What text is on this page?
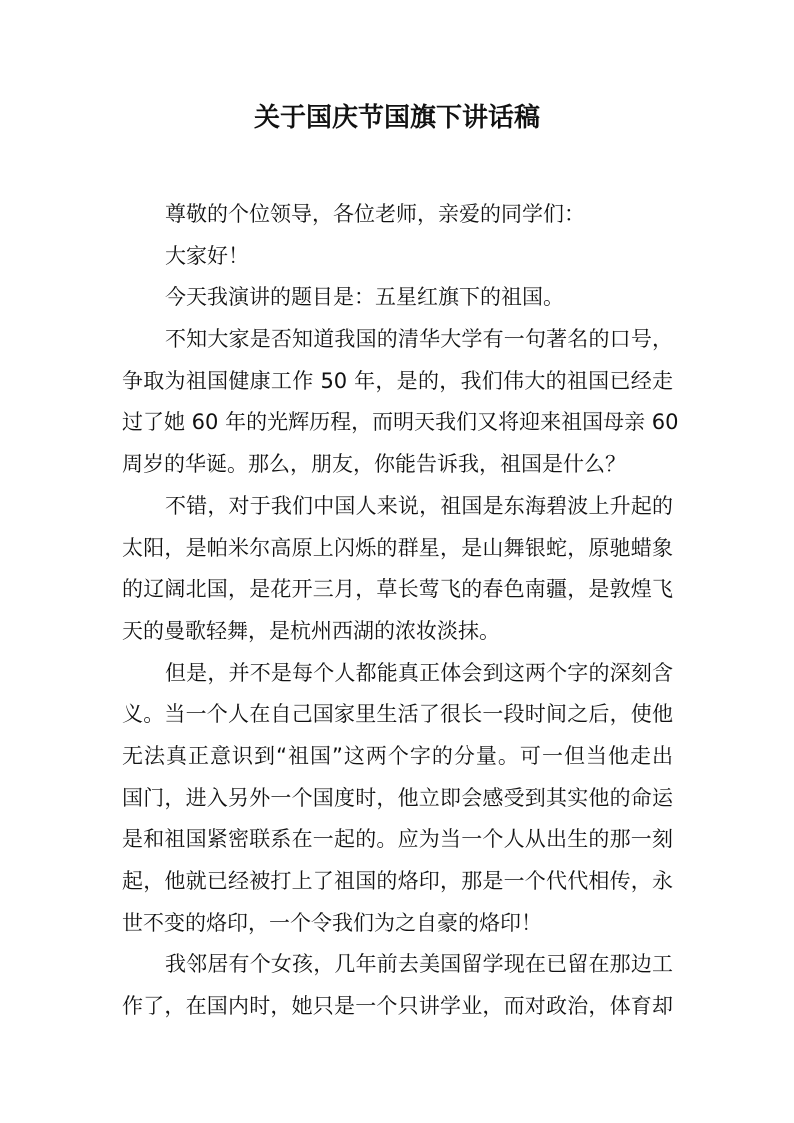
关于国庆节国旗下讲话稿
尊敬的个位领导，各位老师，亲爱的同学们：
大家好！
今天我演讲的题目是：五星红旗下的祖国。
不知大家是否知道我国的清华大学有一句著名的口号，
争取为祖国健康工作 50 年，是的，我们伟大的祖国已经走
过了她 60 年的光辉历程，而明天我们又将迎来祖国母亲 60
周岁的华诞。那么，朋友，你能告诉我，祖国是什么？
不错，对于我们中国人来说，祖国是东海碧波上升起的
太阳，是帕米尔高原上闪烁的群星，是山舞银蛇，原驰蜡象
的辽阔北国，是花开三月，草长莺飞的春色南疆，是敦煌飞
天的曼歌轻舞，是杭州西湖的浓妆淡抹。
但是，并不是每个人都能真正体会到这两个字的深刻含
义。当一个人在自己国家里生活了很长一段时间之后，使他
无法真正意识到“祖国”这两个字的分量。可一但当他走出
国门，进入另外一个国度时，他立即会感受到其实他的命运
是和祖国紧密联系在一起的。应为当一个人从出生的那一刻
起，他就已经被打上了祖国的烙印，那是一个代代相传，永
世不变的烙印，一个令我们为之自豪的烙印！
我邻居有个女孩，几年前去美国留学现在已留在那边工
作了，在国内时，她只是一个只讲学业，而对政治，体育却
